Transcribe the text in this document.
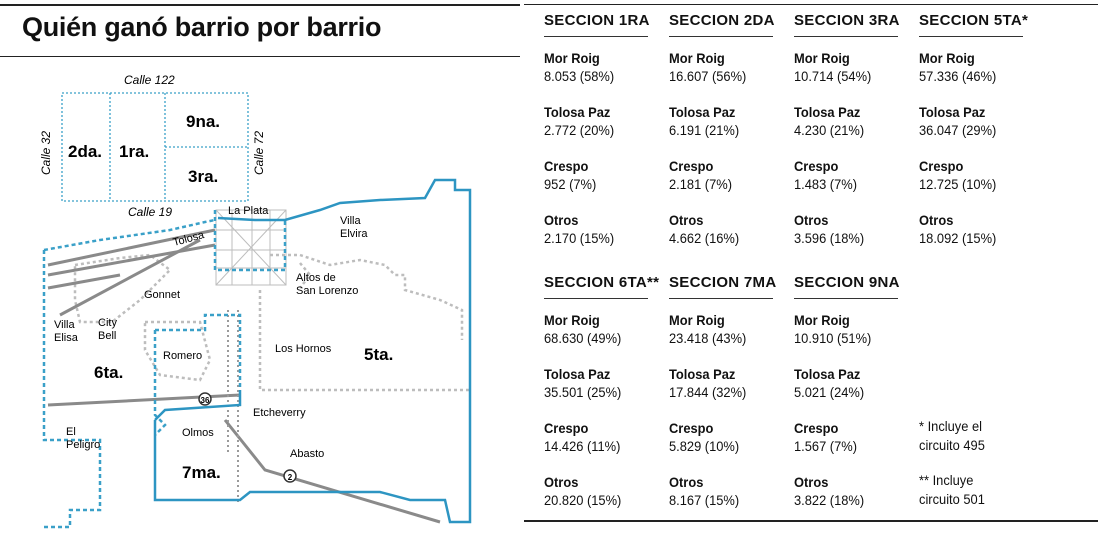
Quién ganó barrio por barrio
36
2
Calle 122
Calle 19
Calle 32	Calle 72
2da. 1ra.
9na.
3ra.
5ta.
6ta.
7ma.
La Plata
Tolosa
Villa
Elvira
Altos de
San Lorenzo
Gonnet
Villa
Elisa
City
Bell
Romero
Los Hornos
Etcheverry
Olmos
Abasto
El
Peligro
SECCION 1RA
Mor Roig
8.053 (58%)
Tolosa Paz
2.772 (20%)
Crespo
952 (7%)
Otros
2.170 (15%)
SECCION 2DA
Mor Roig
16.607 (56%)
Tolosa Paz
6.191 (21%)
Crespo
2.181 (7%)
Otros
4.662 (16%)
SECCION 3RA
Mor Roig
10.714 (54%)
Tolosa Paz
4.230 (21%)
Crespo
1.483 (7%)
Otros
3.596 (18%)
SECCION 5TA*
Mor Roig
57.336 (46%)
Tolosa Paz
36.047 (29%)
Crespo
12.725 (10%)
Otros
18.092 (15%)
SECCION 6TA**
Mor Roig
68.630 (49%)
Tolosa Paz
35.501 (25%)
Crespo
14.426 (11%)
Otros
20.820 (15%)
SECCION 7MA
Mor Roig
23.418 (43%)
Tolosa Paz
17.844 (32%)
Crespo
5.829 (10%)
Otros
8.167 (15%)
SECCION 9NA
Mor Roig
10.910 (51%)
Tolosa Paz
5.021 (24%)
Crespo
1.567 (7%)
Otros
3.822 (18%)
* Incluye el
circuito 495
** Incluye
circuito 501
